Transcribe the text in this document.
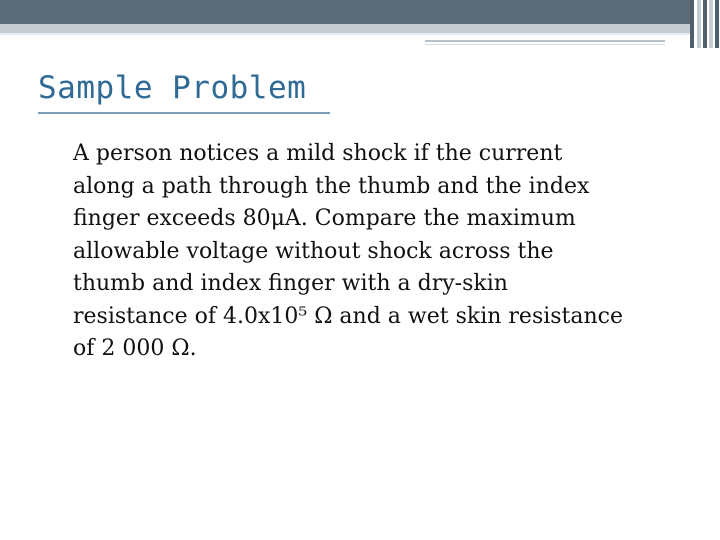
Sample Problem
A person notices a mild shock if the current
along a path through the thumb and the index
finger exceeds 80μA. Compare the maximum
allowable voltage without shock across the
thumb and index finger with a dry-skin
resistance of 4.0x10⁵ Ω and a wet skin resistance
of 2 000 Ω.
